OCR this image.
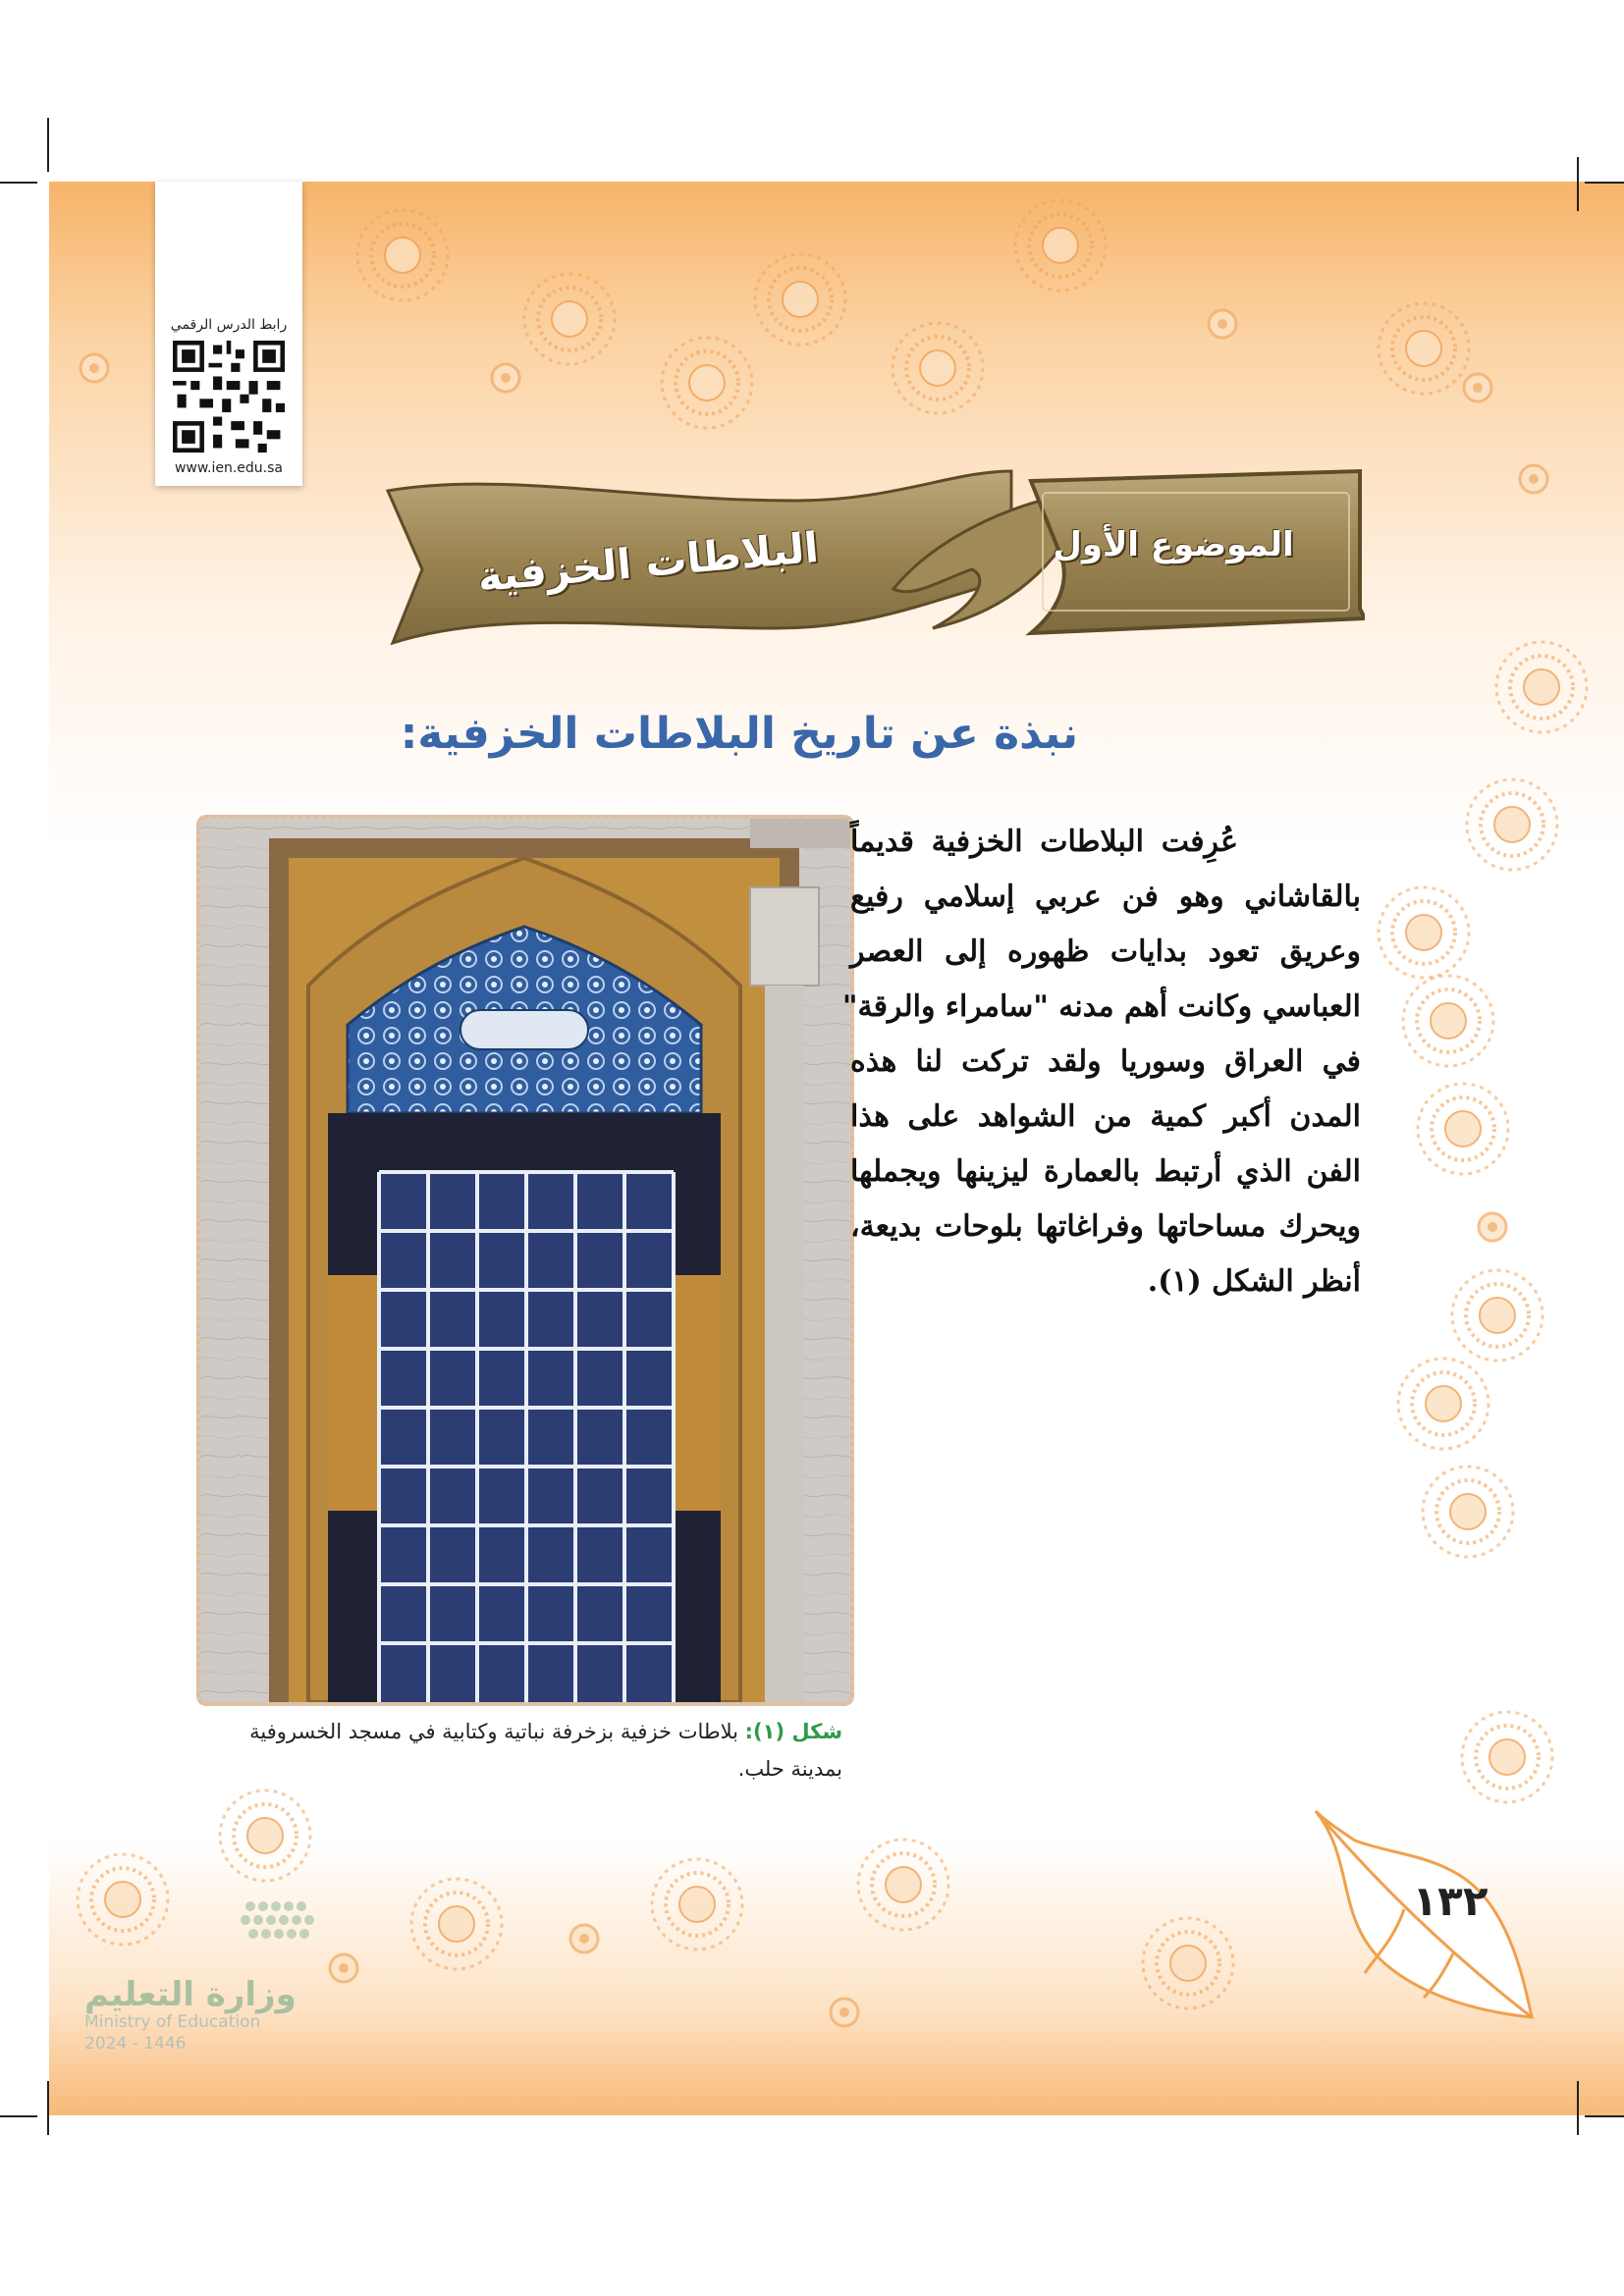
رابط الدرس الرقمي
www.ien.edu.sa
البلاطات الخزفية	الموضوع الأول
نبذة عن تاريخ البلاطات الخزفية:
شكل (١): بلاطات خزفية بزخرفة نباتية وكتابية في مسجد الخسروفية بمدينة حلب.
عُرِفت البلاطات الخزفية قديماً
بالقاشاني وهو فن عربي إسلامي رفيع
وعريق تعود بدايات ظهوره إلى العصر
العباسي وكانت أهم مدنه "سامراء والرقة"
في العراق وسوريا ولقد تركت لنا هذه
المدن أكبر كمية من الشواهد على هذا
الفن الذي أرتبط بالعمارة ليزينها ويجملها
ويحرك مساحاتها وفراغاتها بلوحات بديعة،
أنظر الشكل (١).
١٣٢
وزارة التعليم
Ministry of Education
2024 - 1446
